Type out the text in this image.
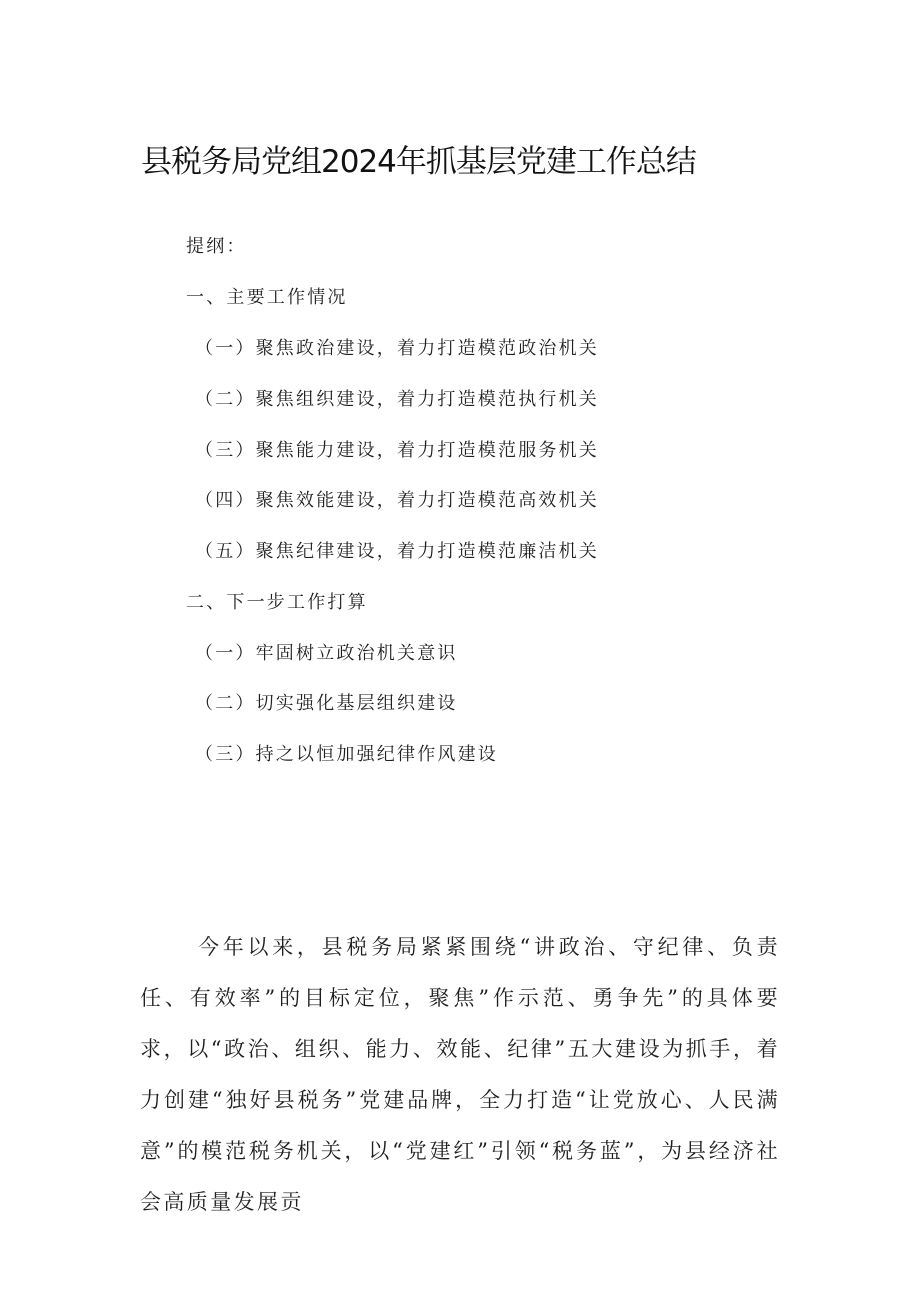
县税务局党组2024年抓基层党建工作总结
提纲：
一、主要工作情况
（一）聚焦政治建设，着力打造模范政治机关
（二）聚焦组织建设，着力打造模范执行机关
（三）聚焦能力建设，着力打造模范服务机关
（四）聚焦效能建设，着力打造模范高效机关
（五）聚焦纪律建设，着力打造模范廉洁机关
二、下一步工作打算
（一）牢固树立政治机关意识
（二）切实强化基层组织建设
（三）持之以恒加强纪律作风建设
今年以来，县税务局紧紧围绕“讲政治、守纪律、负责任、有效率”的目标定位，聚焦”作示范、勇争先”的具体要求，以“政治、组织、能力、效能、纪律”五大建设为抓手，着力创建“独好县税务”党建品牌，全力打造“让党放心、人民满意”的模范税务机关，以“党建红”引领“税务蓝”，为县经济社会高质量发展贡
